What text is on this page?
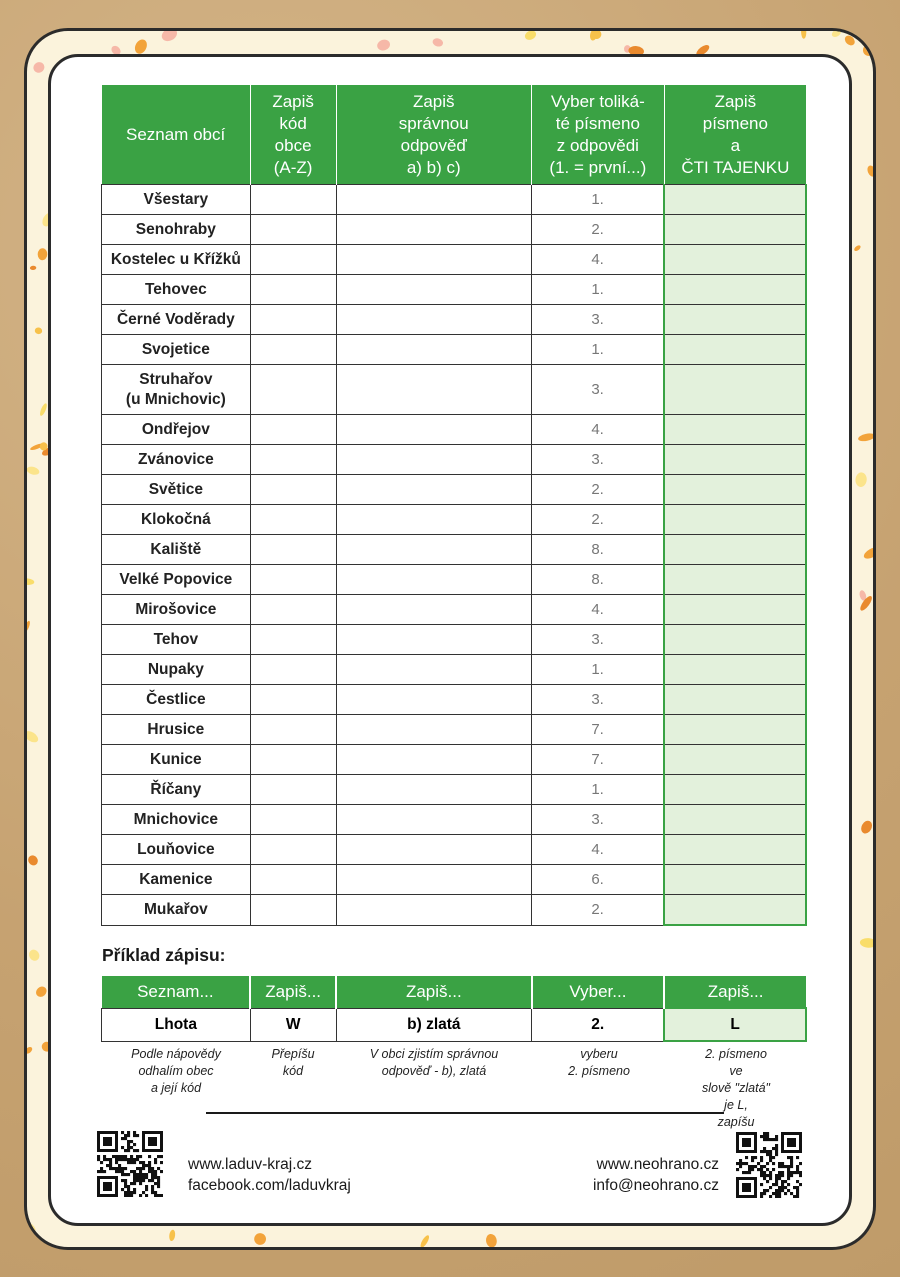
Seznam obcí	Zapiš
kód
obce
(A-Z)	Zapiš
správnou
odpověď
a) b) c)	Vyber toliká-
té písmeno
z odpovědi
(1. = první...)	Zapiš
písmeno
a
ČTI TAJENKU
Všestary			1.	
Senohraby			2.	
Kostelec u Křížků			4.	
Tehovec			1.	
Černé Voděrady			3.	
Svojetice			1.	
Struhařov
(u Mnichovic)			3.	
Ondřejov			4.	
Zvánovice			3.	
Světice			2.	
Klokočná			2.	
Kaliště			8.	
Velké Popovice			8.	
Mirošovice			4.	
Tehov			3.	
Nupaky			1.	
Čestlice			3.	
Hrusice			7.	
Kunice			7.	
Říčany			1.	
Mnichovice			3.	
Louňovice			4.	
Kamenice			6.	
Mukařov			2.	
Příklad zápisu:
Seznam...	Zapiš...	Zapiš...	Vyber...	Zapiš...
Lhota	W	b) zlatá	2.	L
Podle nápovědy
odhalím obec
a její kód
Přepíšu
kód
V obci zjistím správnou
odpověď - b), zlatá
vyberu
2. písmeno
2. písmeno ve
slově "zlatá" je L,
zapíšu
www.laduv-kraj.cz
facebook.com/laduvkraj
www.neohrano.cz
info@neohrano.cz
